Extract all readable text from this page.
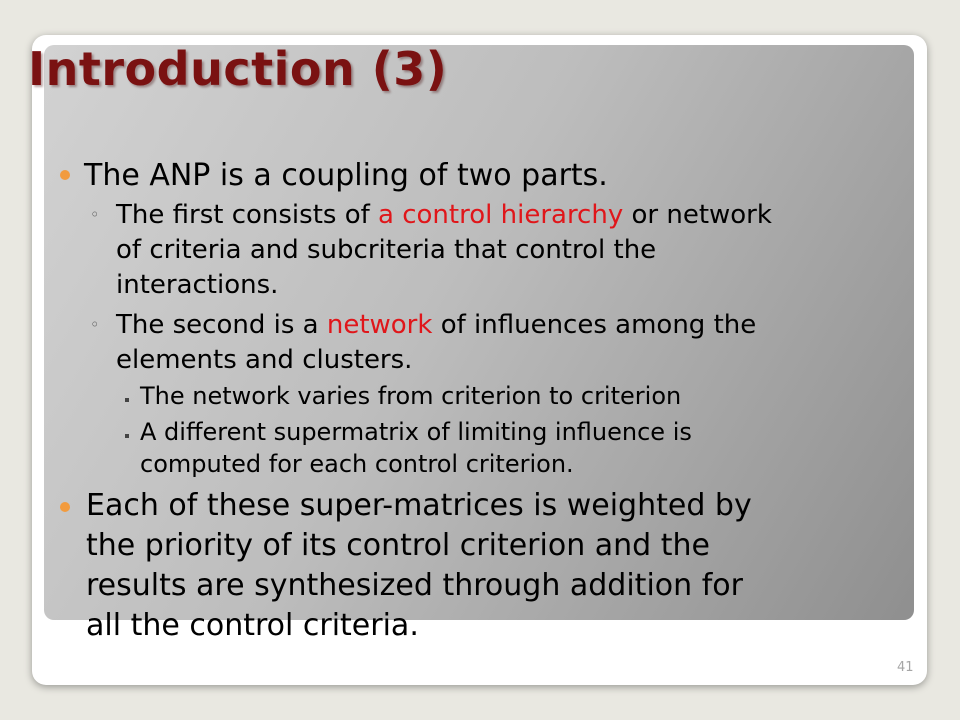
Introduction (3)

The ANP is a coupling of two parts.

◦ The first consists of a control hierarchy or network

of criteria and subcriteria that control the

interactions.

◦ The second is a network of influences among the

elements and clusters.

The network varies from criterion to criterion

A different supermatrix of limiting influence is

computed for each control criterion.

Each of these super-matrices is weighted by

the priority of its control criterion and the

results are synthesized through addition for

all the control criteria.

41
